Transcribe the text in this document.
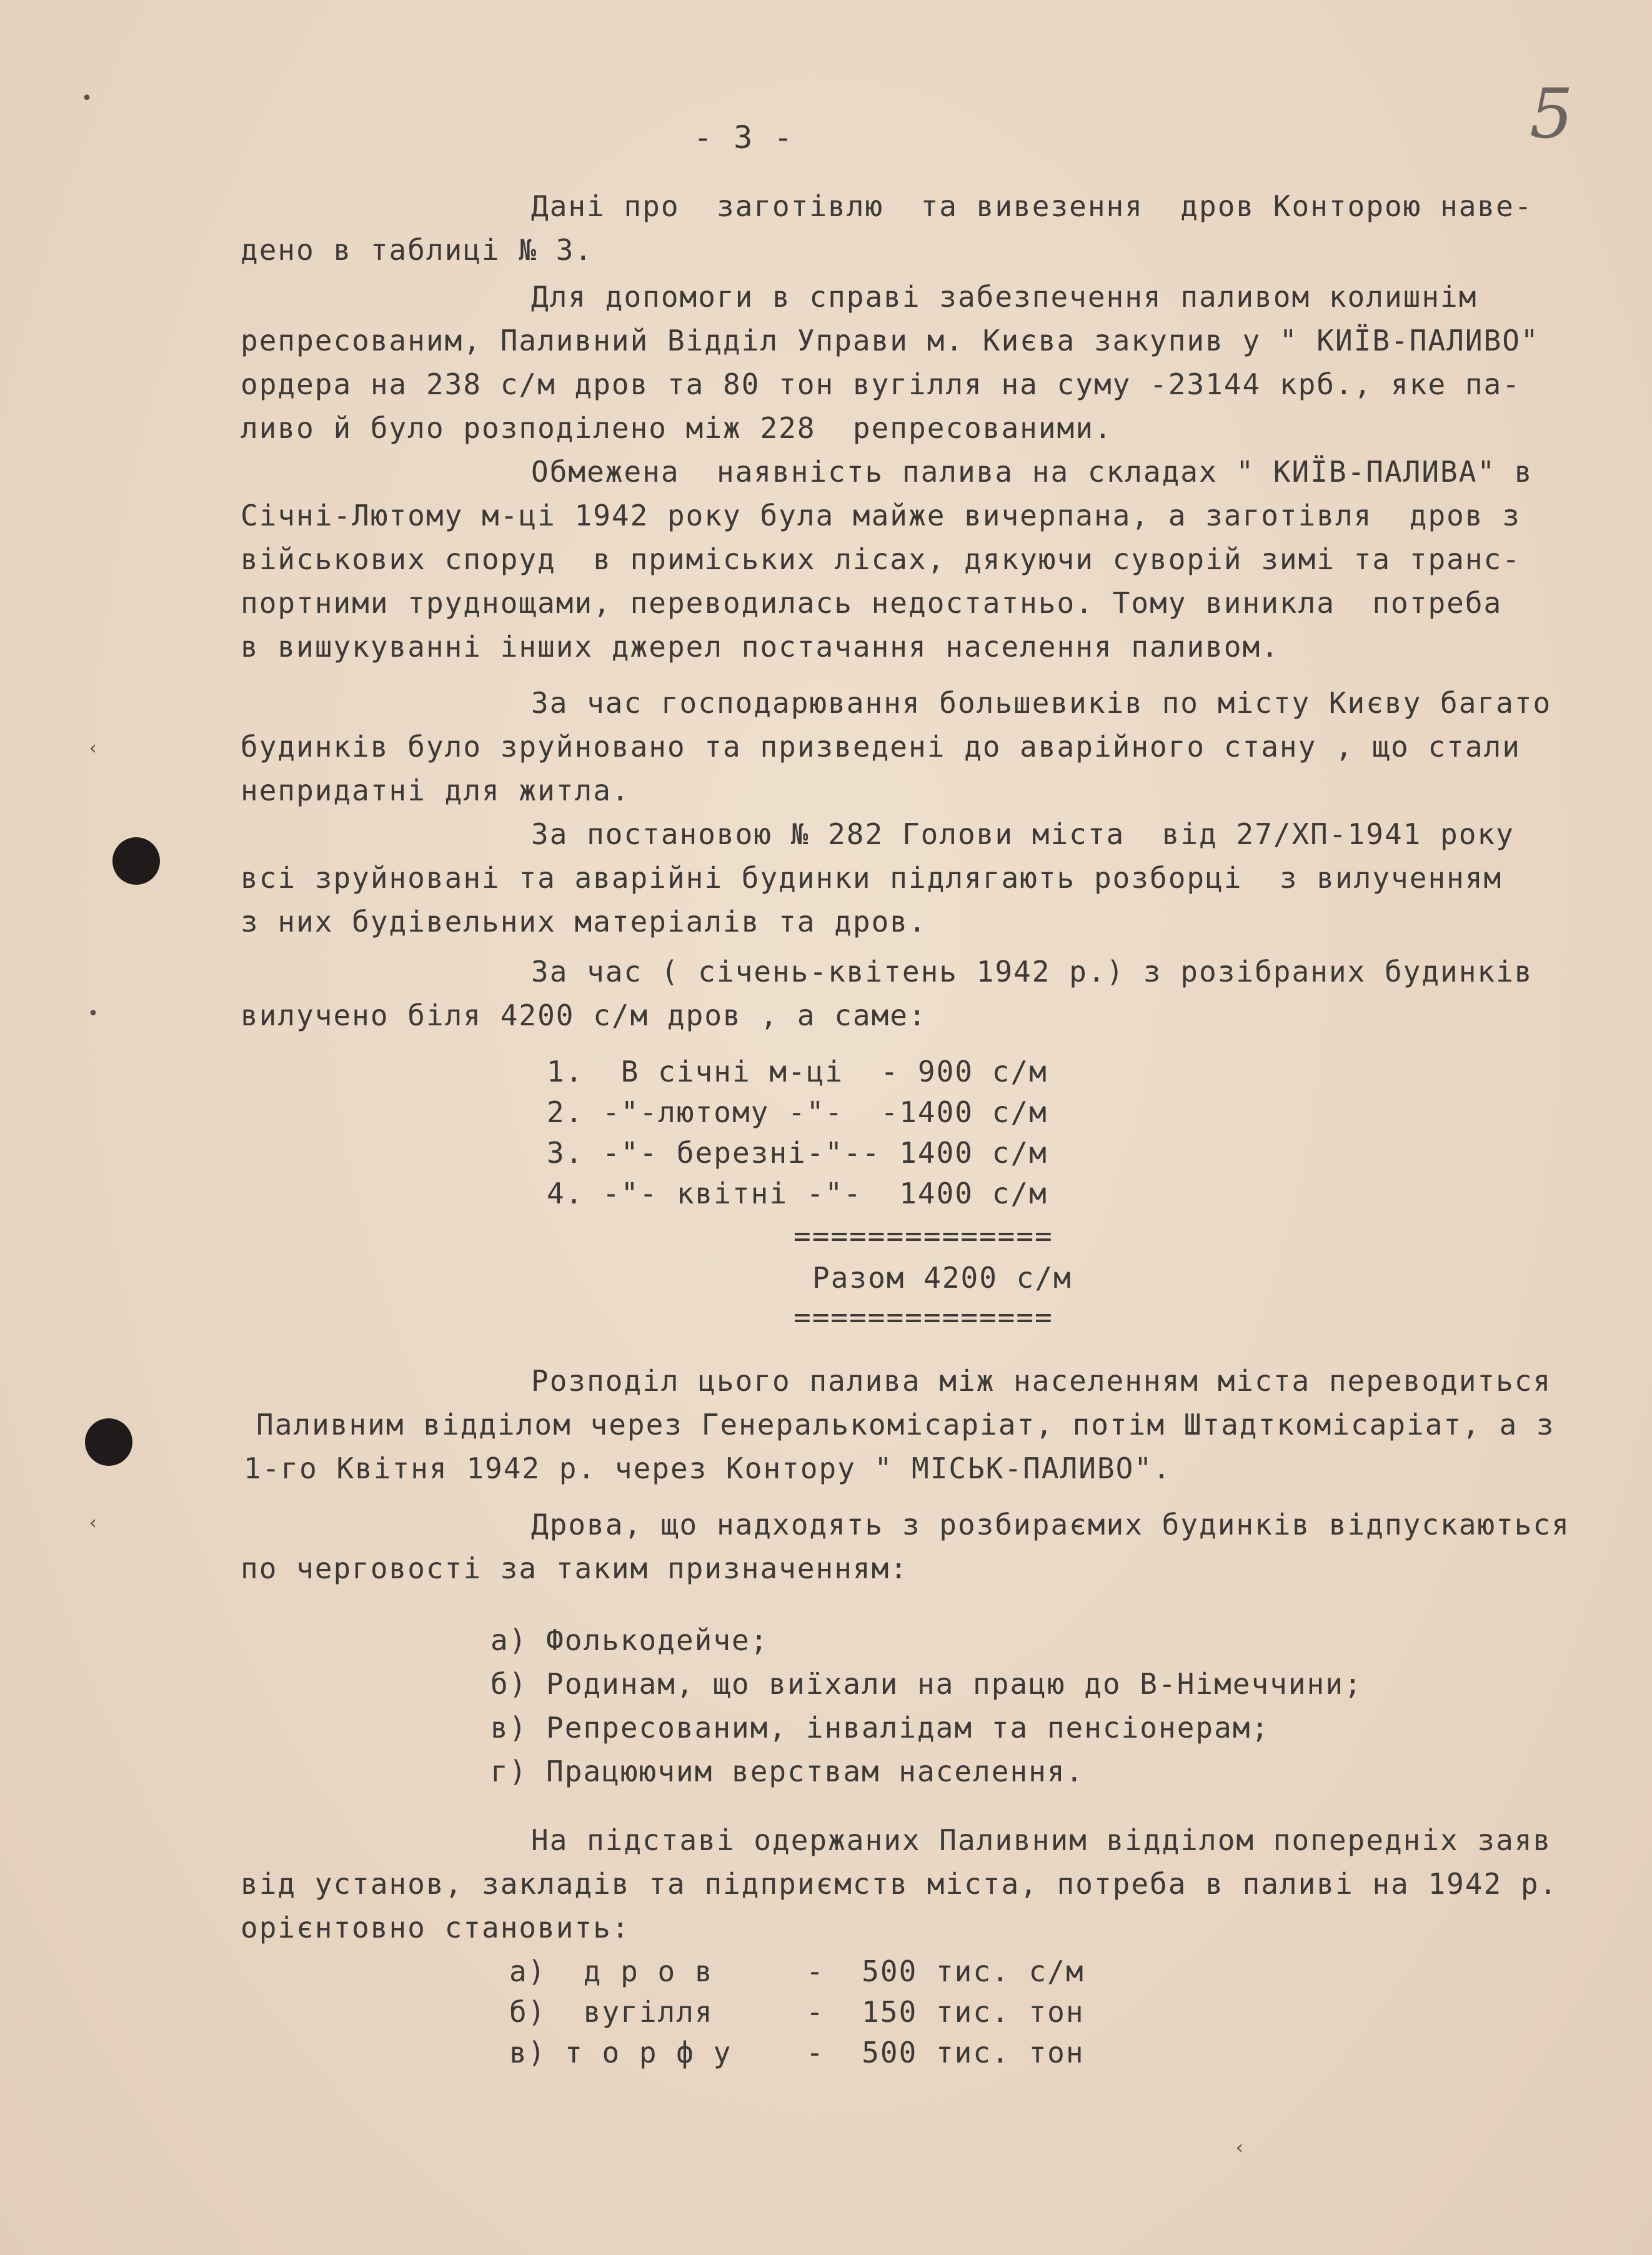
•
‹
•
‹
‹
5
- 3 -
Дані про  заготівлю  та вивезення  дров Конторою наве-
дено в таблиці № 3.
Для допомоги в справі забезпечення паливом колишнім
репресованим, Паливний Відділ Управи м. Києва закупив у " КИЇВ-ПАЛИВО"
ордера на 238 с/м дров та 80 тон вугілля на суму -23144 крб., яке па-
ливо й було розподілено між 228  репресованими.
Обмежена  наявність палива на складах " КИЇВ-ПАЛИВА" в
Січні-Лютому м-ці 1942 року була майже вичерпана, а заготівля  дров з
військових споруд  в приміських лісах, дякуючи суворій зимі та транс-
портними труднощами, переводилась недостатньо. Тому виникла  потреба
в вишукуванні інших джерел постачання населення паливом.
За час господарювання большевиків по місту Києву багато
будинків було зруйновано та призведені до аварійного стану , що стали
непридатні для житла.
За постановою № 282 Голови міста  від 27/ХП-1941 року
всі зруйновані та аварійні будинки підлягають розборці  з вилученням
з них будівельних матеріалів та дров.
За час ( січень-квітень 1942 р.) з розібраних будинків
вилучено біля 4200 с/м дров , а саме:
1.  В січні м-ці  - 900 с/м
2. -"-лютому -"-  -1400 с/м
3. -"- березні-"-- 1400 с/м
4. -"- квітні -"-  1400 с/м
==============
Разом 4200 с/м
==============
Розподіл цього палива між населенням міста переводиться
Паливним відділом через Генералькомісаріат, потім Штадткомісаріат, а з
1-го Квітня 1942 р. через Контору " МІСЬК-ПАЛИВО".
Дрова, що надходять з розбираємих будинків відпускаються
по черговості за таким призначенням:
а) Фолькодейче;
б) Родинам, що виїхали на працю до В-Німеччини;
в) Репресованим, інвалідам та пенсіонерам;
г) Працюючим верствам населення.
На підставі одержаних Паливним відділом попередніх заяв
від установ, закладів та підприємств міста, потреба в паливі на 1942 р.
орієнтовно становить:
а)  д р о в     -  500 тис. с/м
б)  вугілля     -  150 тис. тон
в) т о р ф у    -  500 тис. тон
